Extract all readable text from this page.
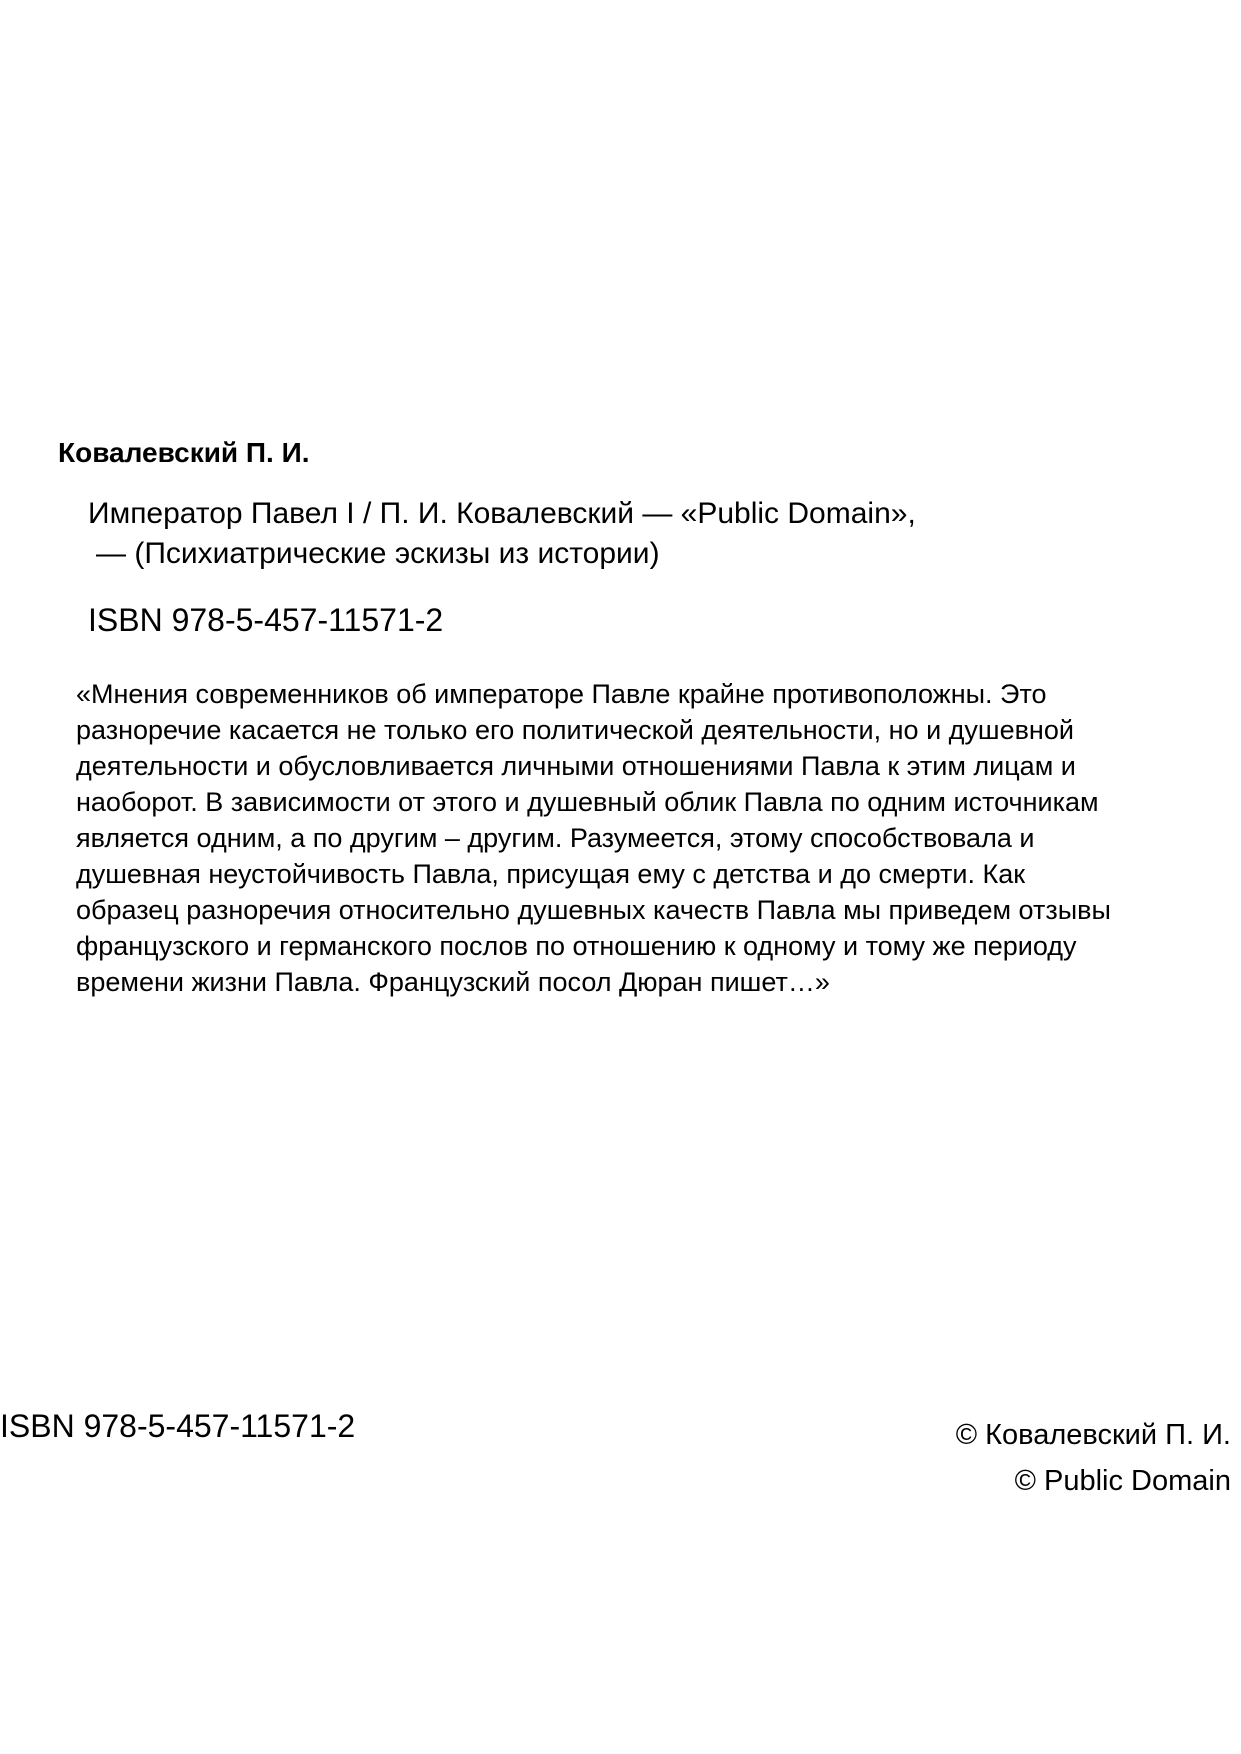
Ковалевский П. И.
Император Павел I / П. И. Ковалевский — «Public Domain»,
— (Психиатрические эскизы из истории)
ISBN 978-5-457-11571-2
«Мнения современников об императоре Павле крайне противоположны. Это
разноречие касается не только его политической деятельности, но и душевной
деятельности и обусловливается личными отношениями Павла к этим лицам и
наоборот. В зависимости от этого и душевный облик Павла по одним источникам
является одним, а по другим – другим. Разумеется, этому способствовала и
душевная неустойчивость Павла, присущая ему с детства и до смерти. Как
образец разноречия относительно душевных качеств Павла мы приведем отзывы
французского и германского послов по отношению к одному и тому же периоду
времени жизни Павла. Французский посол Дюран пишет…»
ISBN 978-5-457-11571-2	© Ковалевский П. И.
© Public Domain
